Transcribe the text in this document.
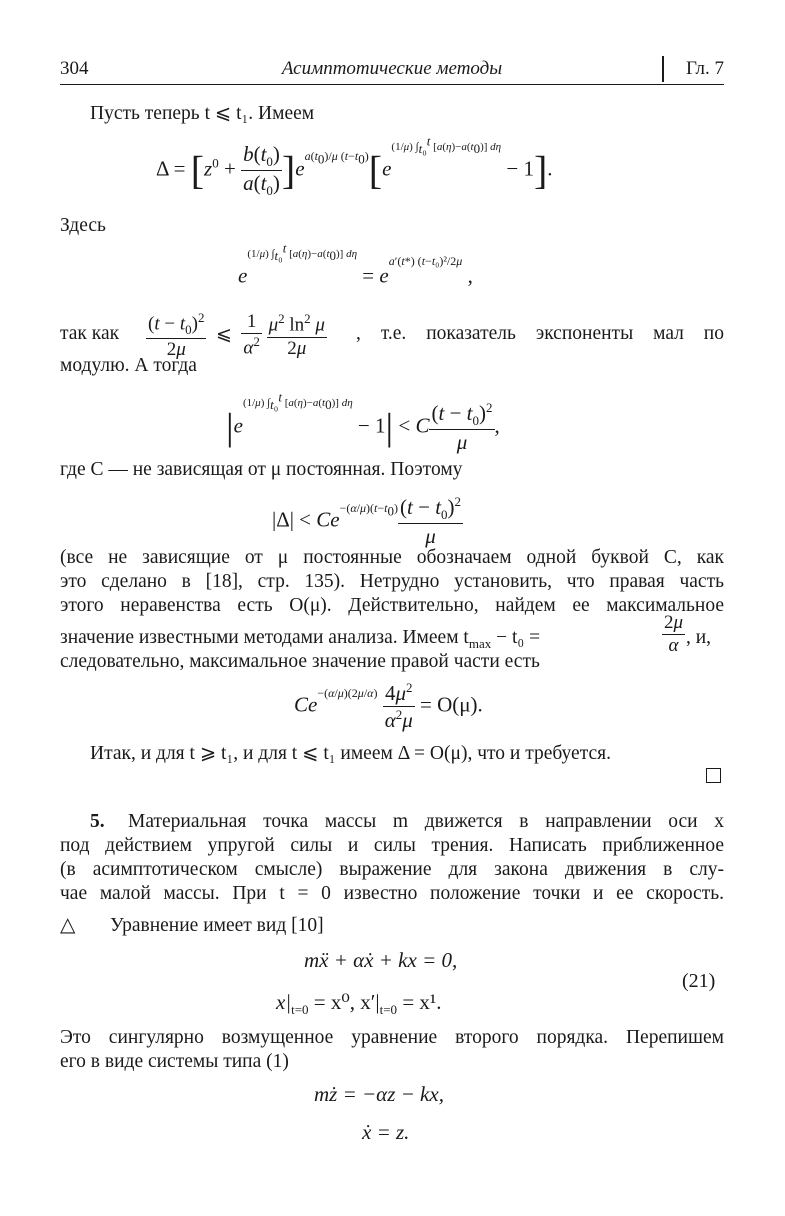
304	Асимптотические методы	Гл. 7
Пусть теперь t ⩽ t₁. Имеем
$\Delta = [z^0 + \frac{b(t_0)}{a(t_0)} ]e^{a(t_0)/\mu (t-t_0)}[e^{(1/\mu) \int_{t_0}^t [a(\eta)-a(t_0)] d\eta} - 1]$.
Здесь
$e^{(1/\mu) \int_{t_0}^t [a(\eta)-a(t_0)] d\eta} = e^{a'(t*) (t-t_0)^2/2\mu}$ ,
так как $\frac{(t - t_0)^2}{2\mu}$ ⩽ $\frac{1}{\alpha^2}$
$\frac{\mu^2 \ln^2 \mu}{2\mu}$ , т.е. показатель экспоненты мал по
модулю. А тогда
$|e^{(1/\mu) \int_{t_0}^t [a(\eta)-a(t_0)] d\eta} - 1| < C \frac{(t - t_0)^2}{\mu}$ ,
где C — не зависящая от μ постоянная. Поэтому
$|\Delta| < Ce^{-(\alpha/\mu)(t-t_0)} \frac{(t - t_0)^2}{\mu}$
(все не зависящие от μ постоянные обозначаем одной буквой C, как
это сделано в [18], стр. 135). Нетрудно установить, что правая часть
этого неравенства есть O(μ). Действительно, найдем ее максимальное
значение известными методами анализа. Имеем $t_{max} - t_0$ =	$\frac{2\mu}{\alpha}$ , и,
следовательно, максимальное значение правой части есть
$Ce^{-(\alpha/\mu)(2\mu/\alpha)} \frac{4\mu^2}{\alpha^2\mu} = O(\mu)$.
Итак, и для t ⩾ t₁, и для t ⩽ t₁ имеем Δ = O(μ), что и требуется.
5. Материальная точка массы m движется в направлении оси x
под действием упругой силы и силы трения. Написать приближенное
(в асимптотическом смысле) выражение для закона движения в слу-
чае малой массы. При t = 0 известно положение точки и ее скорость.
△ Уравнение имеет вид [10]
mẍ + αẋ + kx = 0,
$x|_{t=0} = x^0$, $x'|_{t=0} = x^1$.
(21)
Это сингулярно возмущенное уравнение второго порядка. Перепишем
его в виде системы типа (1)
mż = −αz − kx,
ẋ = z.
